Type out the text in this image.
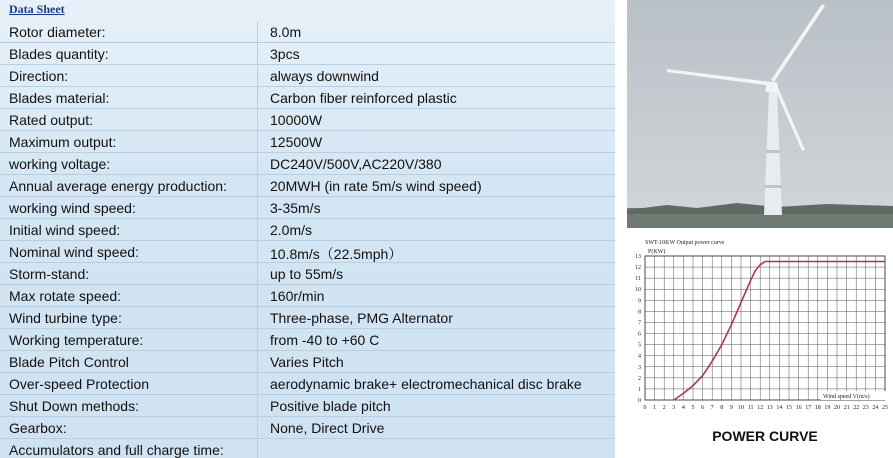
Data Sheet
Rotor diameter:	8.0m
Blades quantity:	3pcs
Direction:	always downwind
Blades material:	Carbon fiber reinforced plastic
Rated output:	10000W
Maximum output:	12500W
working voltage:	DC240V/500V,AC220V/380
Annual average energy production:	20MWH (in rate 5m/s wind speed)
working wind speed:	3-35m/s
Initial wind speed:	2.0m/s
Nominal wind speed:	10.8m/s（22.5mph）
Storm-stand:	up to 55m/s
Max rotate speed:	160r/min
Wind turbine type:	Three-phase, PMG Alternator
Working temperature:	from -40 to +60 C
Blade Pitch Control	Varies Pitch
Over-speed Protection	aerodynamic brake+ electromechanical disc brake
Shut Down methods:	Positive blade pitch
Gearbox:	None, Direct Drive
Accumulators and full charge time:
SWT-10KW Output power curve
P(KW)
0 1 2 3 4 5 6 7 8 9 10 11 12 13 14 15 16 17 18 19 20 21 22 23 24 25
0
1
2
3
4
5
6
7
8
9
10
11
12
13
Wind speed V(m/s)
POWER CURVE
